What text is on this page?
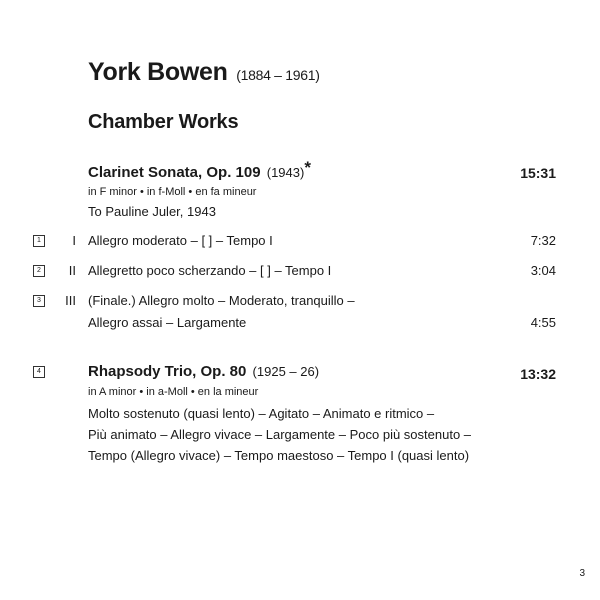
York Bowen (1884 – 1961)
Chamber Works
Clarinet Sonata, Op. 109 (1943)*	15:31
in F minor • in f-Moll • en fa mineur
To Pauline Juler, 1943
1	I Allegro moderato – [ ] – Tempo I	7:32
2	II Allegretto poco scherzando – [ ] – Tempo I	3:04
3	III (Finale.) Allegro molto – Moderato, tranquillo –
Allegro assai – Largamente	4:55
4	Rhapsody Trio, Op. 80 (1925 – 26)	13:32
in A minor • in a-Moll • en la mineur
Molto sostenuto (quasi lento) – Agitato – Animato e ritmico –
Più animato – Allegro vivace – Largamente – Poco più sostenuto –
Tempo (Allegro vivace) – Tempo maestoso – Tempo I (quasi lento)
3
